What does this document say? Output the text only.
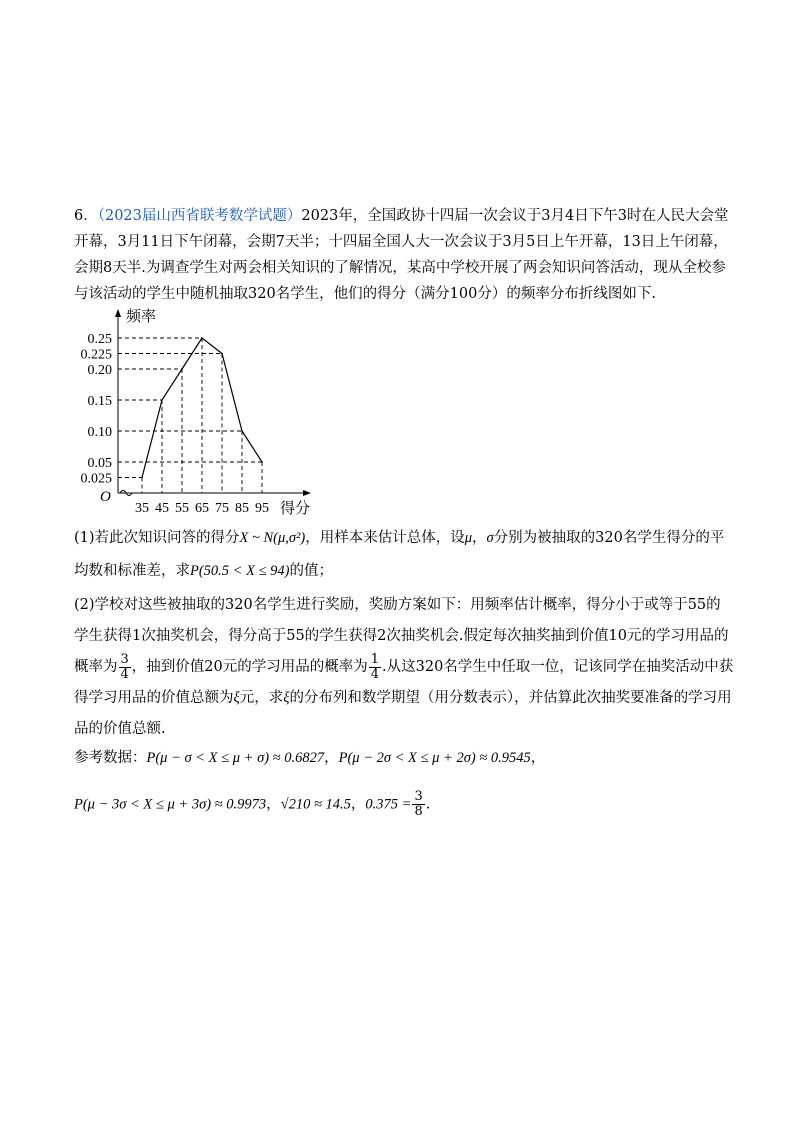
6．（2023届山西省联考数学试题）2023年，全国政协十四届一次会议于3月4日下午3时在人民大会堂开幕，3月11日下午闭幕，会期7天半；十四届全国人大一次会议于3月5日上午开幕，13日上午闭幕，会期8天半.为调查学生对两会相关知识的了解情况，某高中学校开展了两会知识问答活动，现从全校参与该活动的学生中随机抽取320名学生，他们的得分（满分100分）的频率分布折线图如下.
频率
得分
O
0.025
0.05
0.10
0.15
0.20
0.225
0.25
35 45 55 65 75 85 95
(1)若此次知识问答的得分X ~ N(μ,σ²)，用样本来估计总体，设μ，σ分别为被抽取的320名学生得分的平均数和标准差，求P(50.5 < X ≤ 94)的值；
(2)学校对这些被抽取的320名学生进行奖励，奖励方案如下：用频率估计概率，得分小于或等于55的学生获得1次抽奖机会，得分高于55的学生获得2次抽奖机会.假定每次抽奖抽到价值10元的学习用品的概率为 $\frac{3}{4}$ ，抽到价值20元的学习用品的概率为 $\frac{1}{4}$ .从这320名学生中任取一位，记该同学在抽奖活动中获得学习用品的价值总额为ξ元，求ξ的分布列和数学期望（用分数表示），并估算此次抽奖要准备的学习用品的价值总额.
参考数据：P(μ − σ < X ≤ μ + σ) ≈ 0.6827，P(μ − 2σ < X ≤ μ + 2σ) ≈ 0.9545，
P(μ − 3σ < X ≤ μ + 3σ) ≈ 0.9973，√210 ≈ 14.5，$0.375 = \frac{3}{8}$ .
